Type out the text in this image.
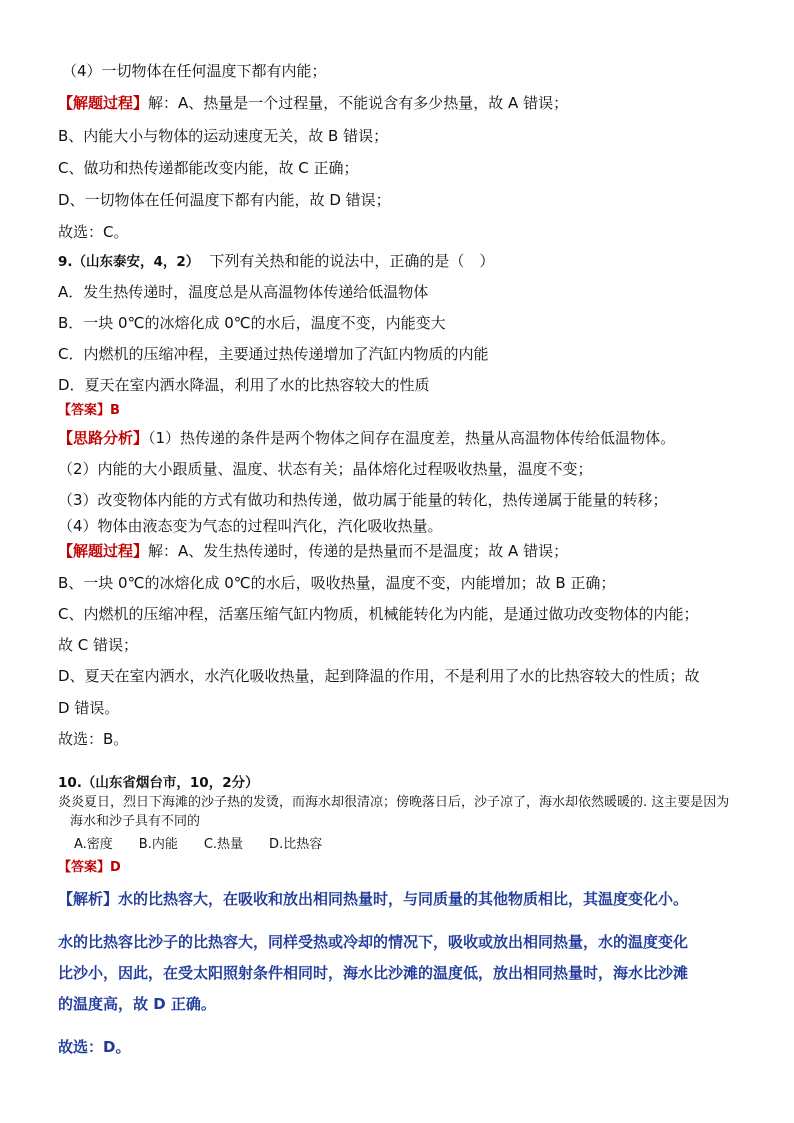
（4）一切物体在任何温度下都有内能；
【解题过程】解：A、热量是一个过程量，不能说含有多少热量，故 A 错误；
B、内能大小与物体的运动速度无关，故 B 错误；
C、做功和热传递都能改变内能，故 C 正确；
D、一切物体在任何温度下都有内能，故 D 错误；
故选：C。
9.（山东泰安，4，2） 下列有关热和能的说法中，正确的是（　）
A．发生热传递时，温度总是从高温物体传递给低温物体
B．一块 0℃的冰熔化成 0℃的水后，温度不变，内能变大
C．内燃机的压缩冲程，主要通过热传递增加了汽缸内物质的内能
D．夏天在室内洒水降温，利用了水的比热容较大的性质
【答案】B
【思路分析】（1）热传递的条件是两个物体之间存在温度差，热量从高温物体传给低温物体。
（2）内能的大小跟质量、温度、状态有关；晶体熔化过程吸收热量，温度不变；
（3）改变物体内能的方式有做功和热传递，做功属于能量的转化，热传递属于能量的转移；
（4）物体由液态变为气态的过程叫汽化，汽化吸收热量。
【解题过程】解：A、发生热传递时，传递的是热量而不是温度；故 A 错误；
B、一块 0℃的冰熔化成 0℃的水后，吸收热量，温度不变，内能增加；故 B 正确；
C、内燃机的压缩冲程，活塞压缩气缸内物质，机械能转化为内能，是通过做功改变物体的内能；
故 C 错误；
D、夏天在室内洒水，水汽化吸收热量，起到降温的作用，不是利用了水的比热容较大的性质；故
D 错误。
故选：B。
10.（山东省烟台市，10，2分）
炎炎夏日，烈日下海滩的沙子热的发烫，而海水却很清凉；傍晚落日后，沙子凉了，海水却依然暖暖的. 这主要是因为
海水和沙子具有不同的
A.密度　　B.内能　　C.热量　　D.比热容
【答案】D
【解析】水的比热容大，在吸收和放出相同热量时，与同质量的其他物质相比，其温度变化小。
水的比热容比沙子的比热容大，同样受热或冷却的情况下，吸收或放出相同热量，水的温度变化
比沙小，因此，在受太阳照射条件相同时，海水比沙滩的温度低，放出相同热量时，海水比沙滩
的温度高，故 D 正确。
故选：D。
